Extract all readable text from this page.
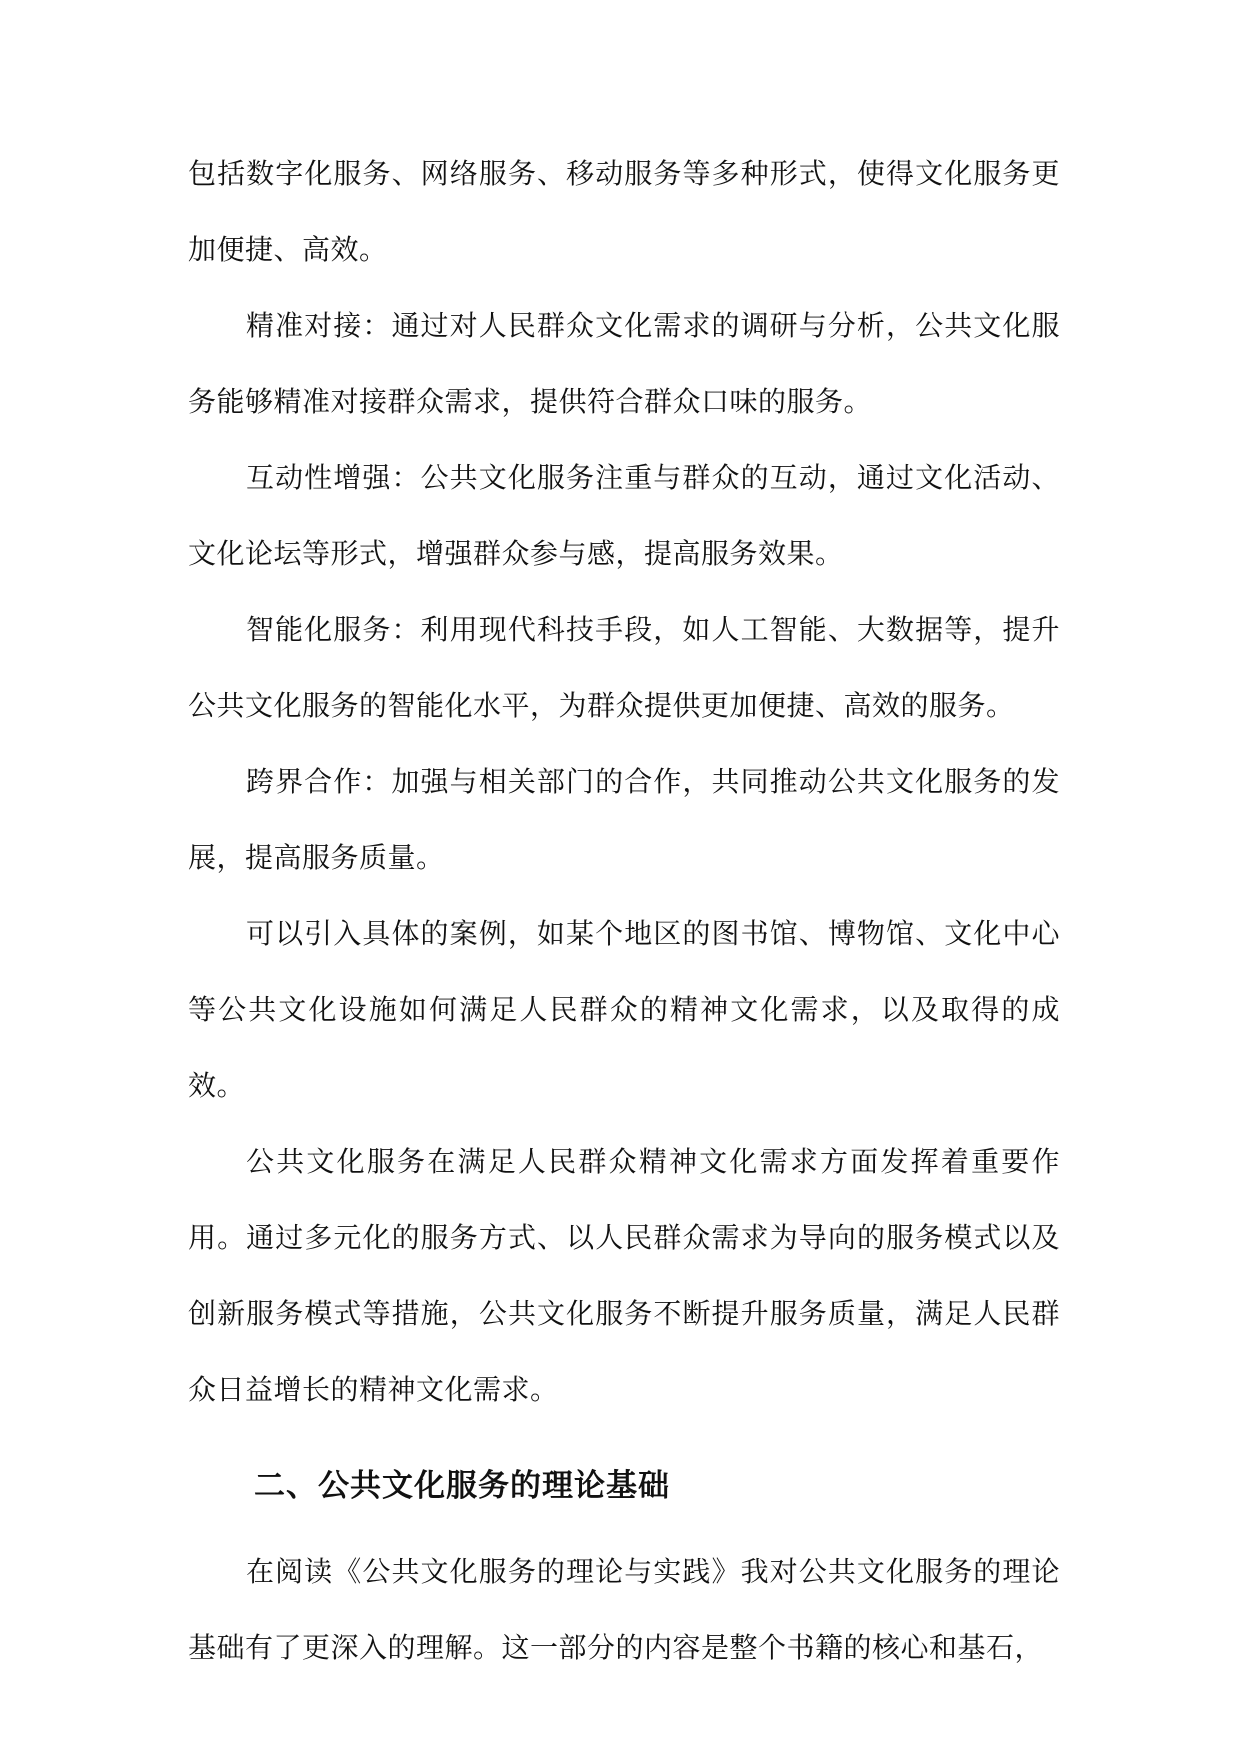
包括数字化服务、网络服务、移动服务等多种形式，使得文化服务更加便捷、高效。

精准对接：通过对人民群众文化需求的调研与分析，公共文化服务能够精准对接群众需求，提供符合群众口味的服务。

互动性增强：公共文化服务注重与群众的互动，通过文化活动、文化论坛等形式，增强群众参与感，提高服务效果。

智能化服务：利用现代科技手段，如人工智能、大数据等，提升公共文化服务的智能化水平，为群众提供更加便捷、高效的服务。

跨界合作：加强与相关部门的合作，共同推动公共文化服务的发展，提高服务质量。

可以引入具体的案例，如某个地区的图书馆、博物馆、文化中心等公共文化设施如何满足人民群众的精神文化需求，以及取得的成效。

公共文化服务在满足人民群众精神文化需求方面发挥着重要作用。通过多元化的服务方式、以人民群众需求为导向的服务模式以及创新服务模式等措施，公共文化服务不断提升服务质量，满足人民群众日益增长的精神文化需求。

二、公共文化服务的理论基础

在阅读《公共文化服务的理论与实践》我对公共文化服务的理论基础有了更深入的理解。这一部分的内容是整个书籍的核心和基石，
